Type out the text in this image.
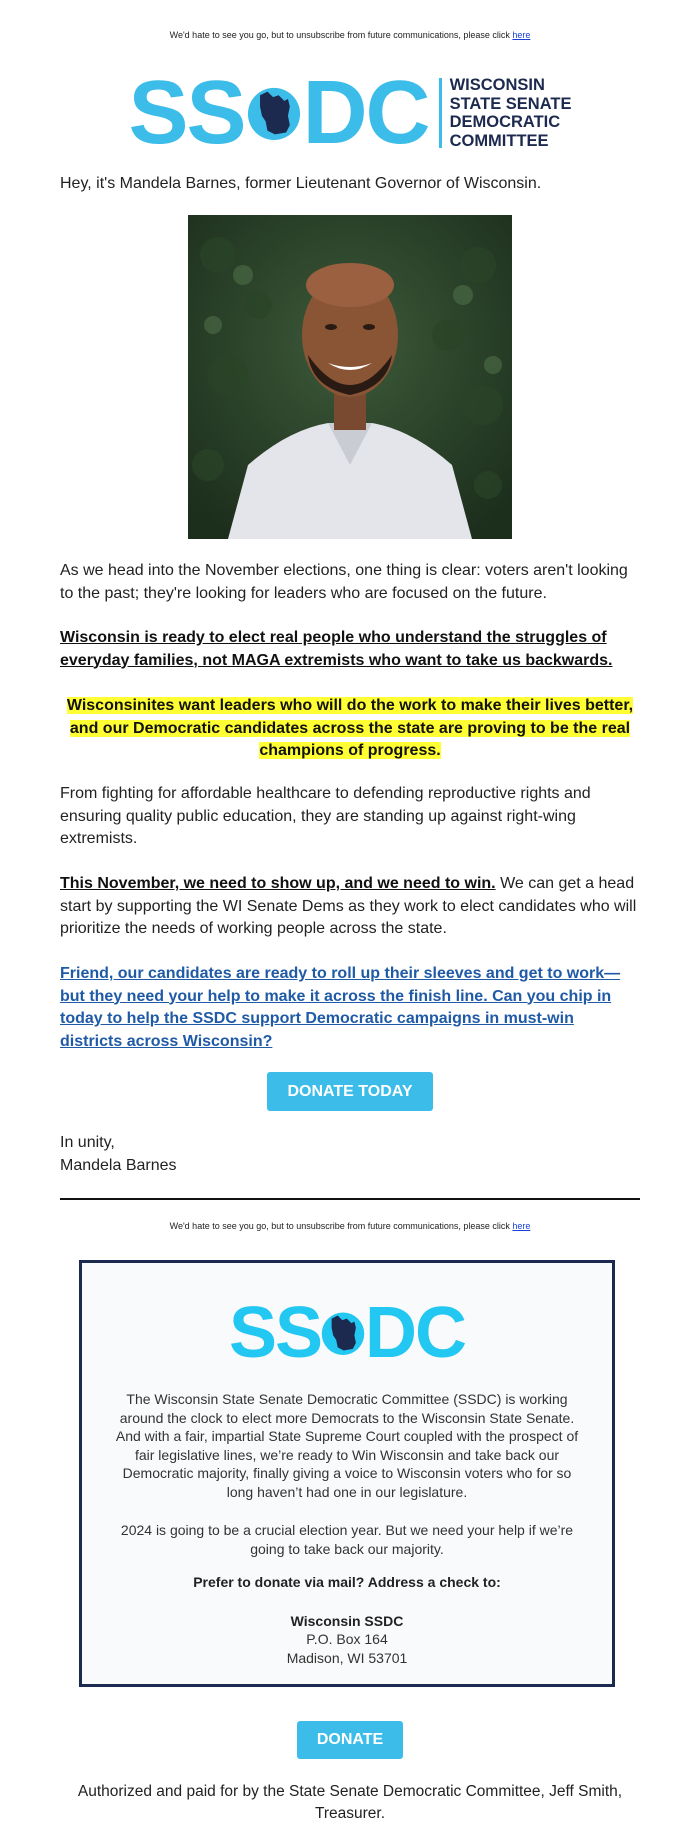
We'd hate to see you go, but to unsubscribe from future communications, please click here
SS DC WISCONSIN
STATE SENATE
DEMOCRATIC
COMMITTEE

Hey, it's Mandela Barnes, former Lieutenant Governor of Wisconsin.

As we head into the November elections, one thing is clear: voters aren't looking to the past; they're looking for leaders who are focused on the future.

Wisconsin is ready to elect real people who understand the struggles of everyday families, not MAGA extremists who want to take us backwards.

Wisconsinites want leaders who will do the work to make their lives better, and our Democratic candidates across the state are proving to be the real champions of progress.

From fighting for affordable healthcare to defending reproductive rights and ensuring quality public education, they are standing up against right-wing extremists.

This November, we need to show up, and we need to win. We can get a head start by supporting the WI Senate Dems as they work to elect candidates who will prioritize the needs of working people across the state.

Friend, our candidates are ready to roll up their sleeves and get to work—but they need your help to make it across the finish line. Can you chip in today to help the SSDC support Democratic campaigns in must-win districts across Wisconsin?

DONATE TODAY

In unity,

Mandela Barnes

We'd hate to see you go, but to unsubscribe from future communications, please click here
SS DC

The Wisconsin State Senate Democratic Committee (SSDC) is working around the clock to elect more Democrats to the Wisconsin State Senate. And with a fair, impartial State Supreme Court coupled with the prospect of fair legislative lines, we’re ready to Win Wisconsin and take back our Democratic majority, finally giving a voice to Wisconsin voters who for so long haven’t had one in our legislature.

2024 is going to be a crucial election year. But we need your help if we’re going to take back our majority.

Prefer to donate via mail? Address a check to:

Wisconsin SSDC

P.O. Box 164

Madison, WI 53701

DONATE

Authorized and paid for by the State Senate Democratic Committee, Jeff Smith, Treasurer.
